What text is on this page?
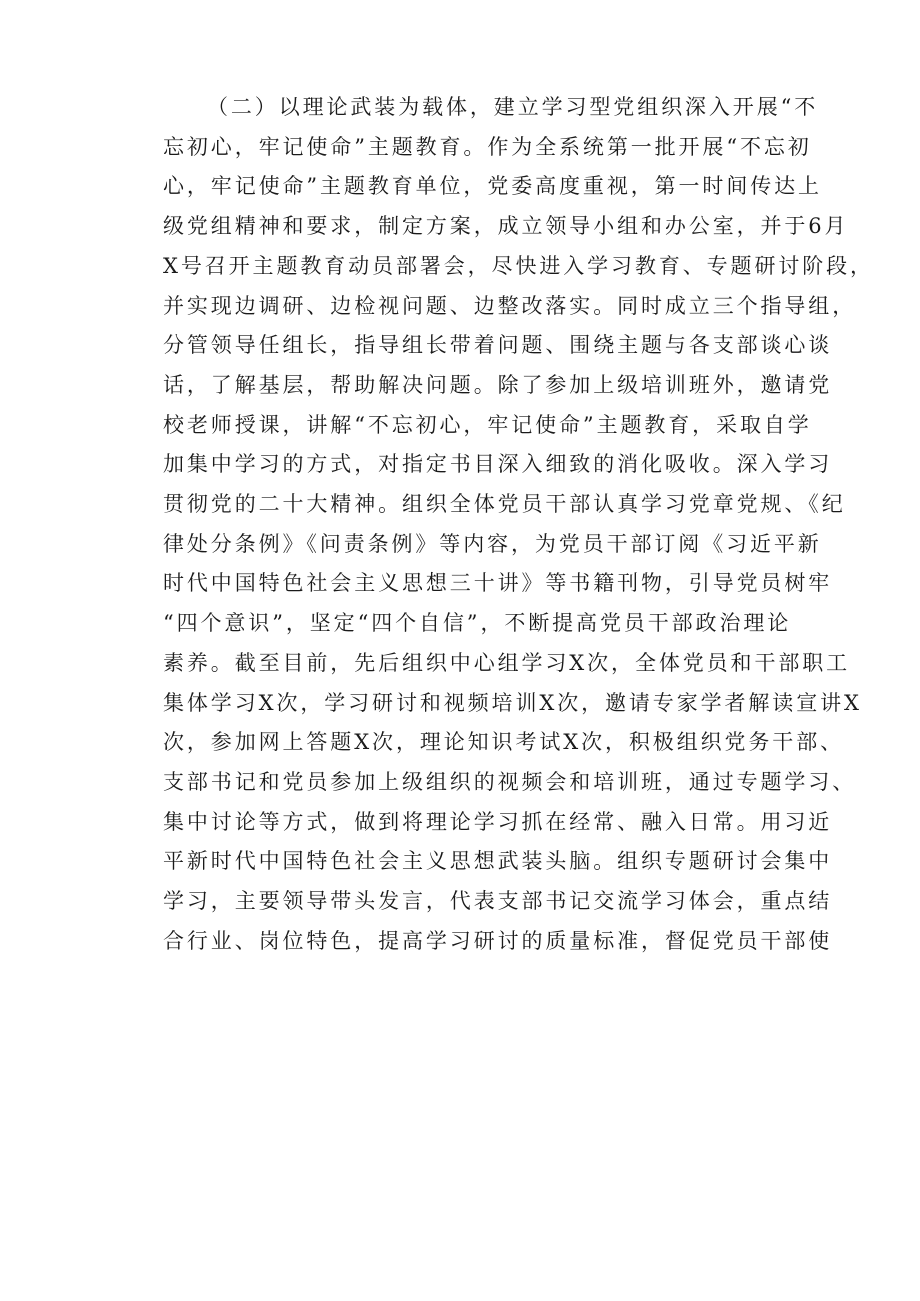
（二）以理论武装为载体，建立学习型党组织深入开展“不
忘初心，牢记使命”主题教育。作为全系统第一批开展“不忘初
心，牢记使命”主题教育单位，党委高度重视，第一时间传达上
级党组精神和要求，制定方案，成立领导小组和办公室，并于6月
X号召开主题教育动员部署会，尽快进入学习教育、专题研讨阶段，
并实现边调研、边检视问题、边整改落实。同时成立三个指导组，
分管领导任组长，指导组长带着问题、围绕主题与各支部谈心谈
话，了解基层，帮助解决问题。除了参加上级培训班外，邀请党
校老师授课，讲解“不忘初心，牢记使命”主题教育，采取自学
加集中学习的方式，对指定书目深入细致的消化吸收。深入学习
贯彻党的二十大精神。组织全体党员干部认真学习党章党规、《纪
律处分条例》《问责条例》等内容，为党员干部订阅《习近平新
时代中国特色社会主义思想三十讲》等书籍刊物，引导党员树牢
“四个意识”，坚定“四个自信”，不断提高党员干部政治理论
素养。截至目前，先后组织中心组学习X次，全体党员和干部职工
集体学习X次，学习研讨和视频培训X次，邀请专家学者解读宣讲X
次，参加网上答题X次，理论知识考试X次，积极组织党务干部、
支部书记和党员参加上级组织的视频会和培训班，通过专题学习、
集中讨论等方式，做到将理论学习抓在经常、融入日常。用习近
平新时代中国特色社会主义思想武装头脑。组织专题研讨会集中
学习，主要领导带头发言，代表支部书记交流学习体会，重点结
合行业、岗位特色，提高学习研讨的质量标准，督促党员干部使
